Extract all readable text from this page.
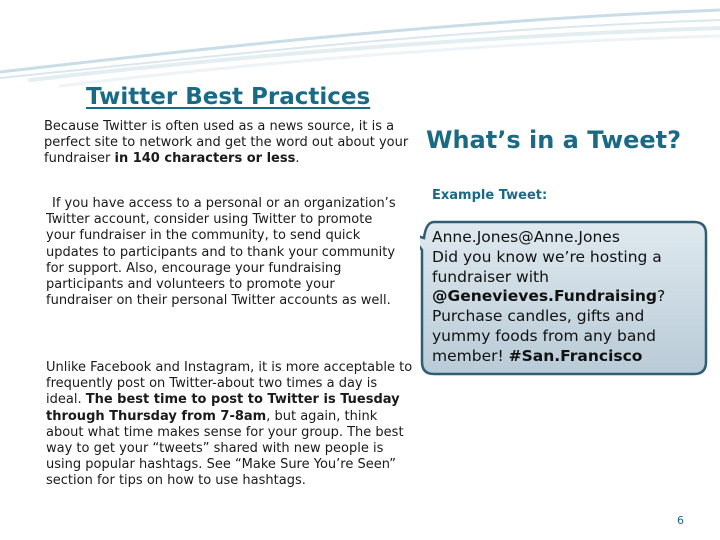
Twitter Best Practices

Because Twitter is often used as a news source, it is a perfect site to network and get the word out about your fundraiser in 140 characters or less.

If you have access to a personal or an organization’s Twitter account, consider using Twitter to promote your fundraiser in the community, to send quick updates to participants and to thank your community for support. Also, encourage your fundraising participants and volunteers to promote your fundraiser on their personal Twitter accounts as well.

Unlike Facebook and Instagram, it is more acceptable to frequently post on Twitter-about two times a day is ideal. The best time to post to Twitter is Tuesday through Thursday from 7-8am, but again, think about what time makes sense for your group. The best way to get your “tweets” shared with new people is using popular hashtags. See “Make Sure You’re Seen” section for tips on how to use hashtags.

What’s in a Tweet?
Example Tweet:
Anne.Jones@Anne.Jones
Did you know we’re hosting a fundraiser with @Genevieves.Fundraising? Purchase candles, gifts and yummy foods from any band member! #San.Francisco
6
